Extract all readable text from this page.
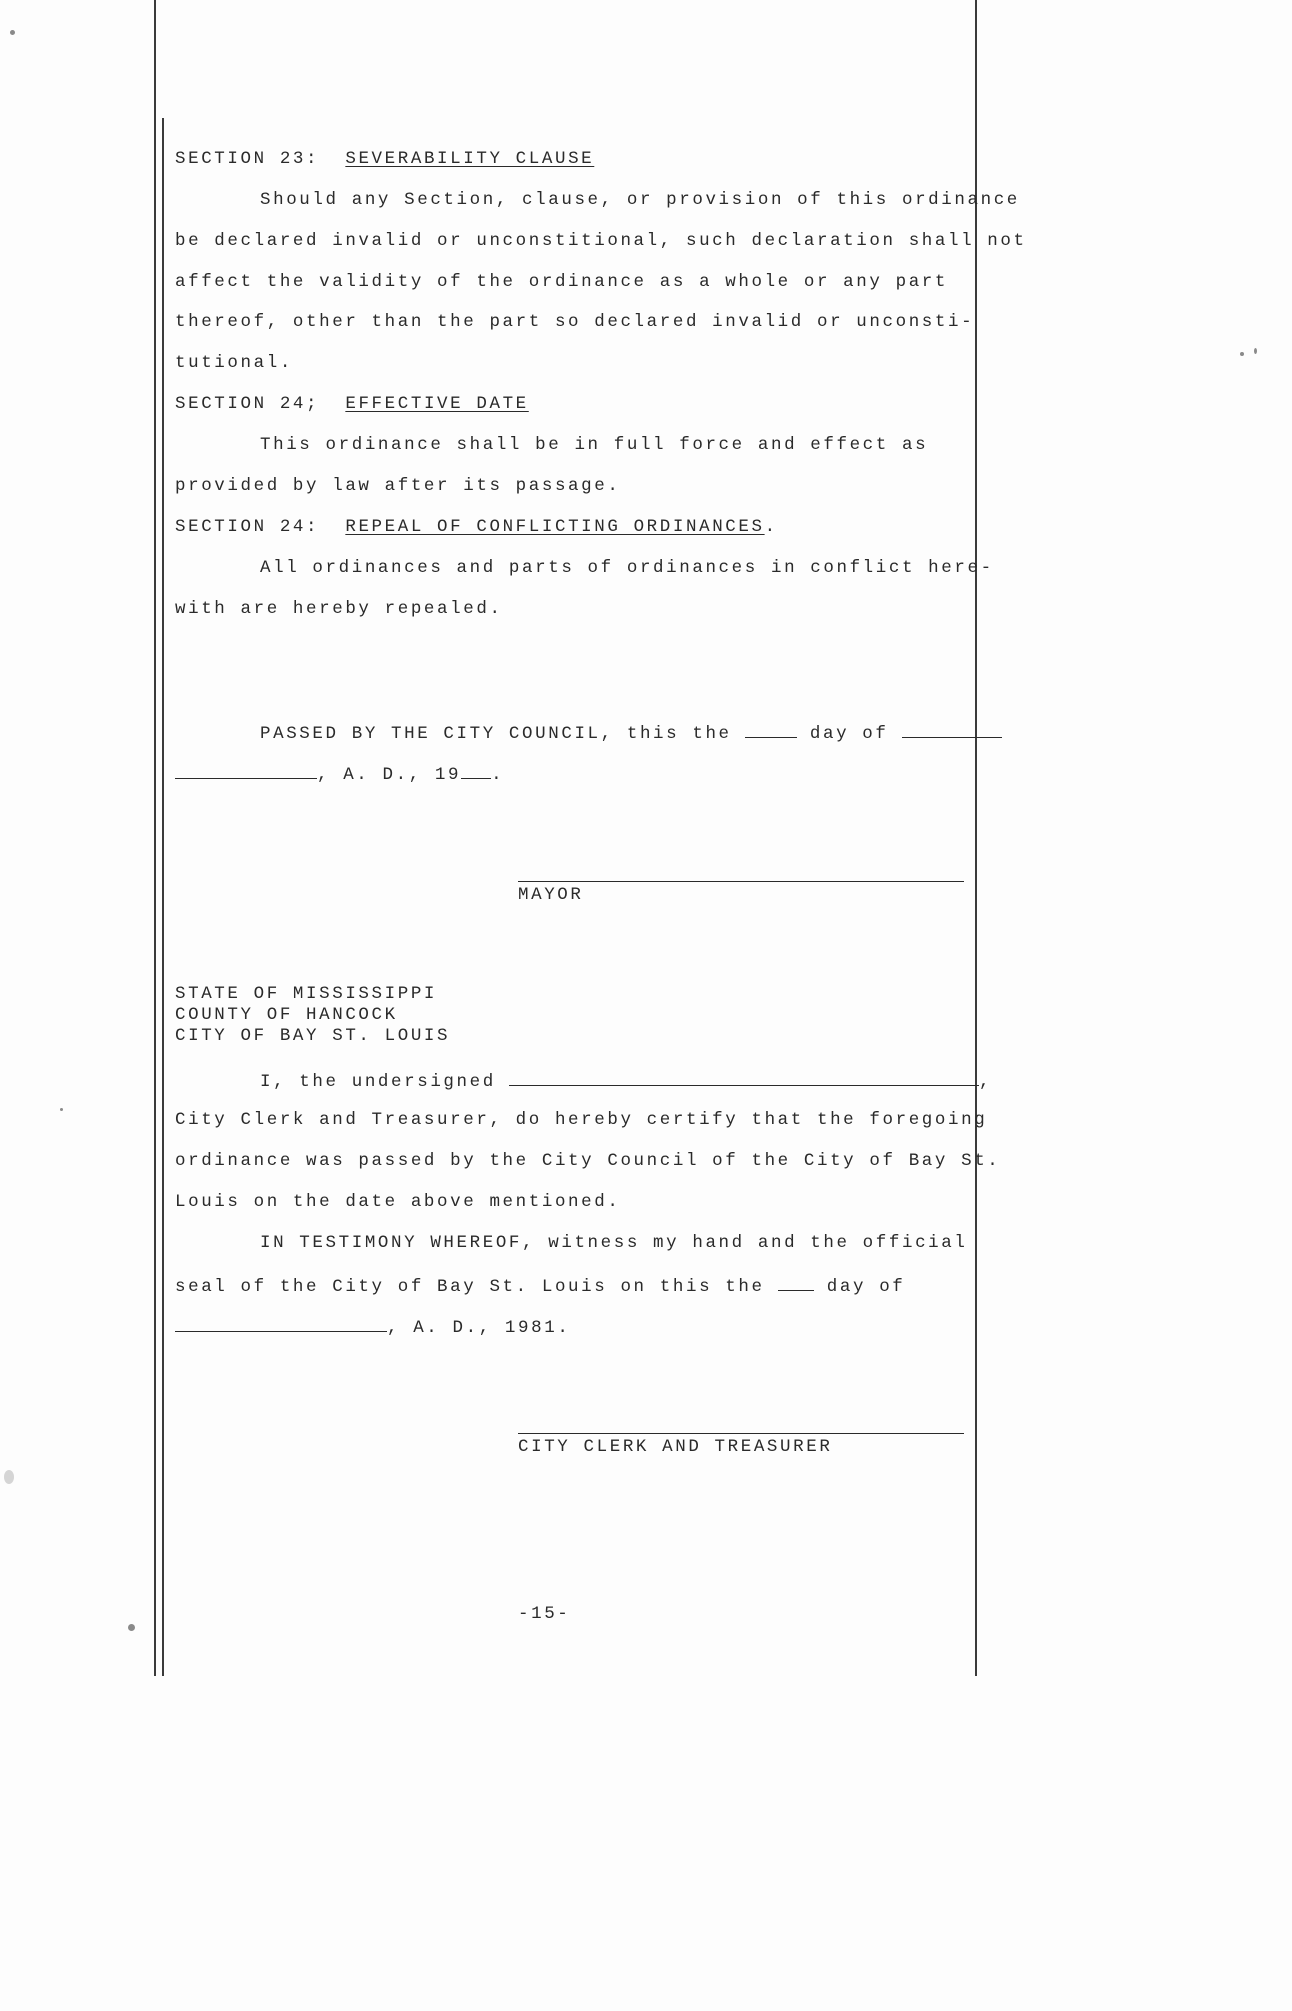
SECTION 23: SEVERABILITY CLAUSE
Should any Section, clause, or provision of this ordinance
be declared invalid or unconstitional, such declaration shall not
affect the validity of the ordinance as a whole or any part
thereof, other than the part so declared invalid or unconsti-
tutional.
SECTION 24; EFFECTIVE DATE
This ordinance shall be in full force and effect as
provided by law after its passage.
SECTION 24: REPEAL OF CONFLICTING ORDINANCES.
All ordinances and parts of ordinances in conflict here-
with are hereby repealed.
PASSED BY THE CITY COUNCIL, this the	day of
, A. D., 19 .
MAYOR
STATE OF MISSISSIPPI
COUNTY OF HANCOCK
CITY OF BAY ST. LOUIS
I, the undersigned	,
City Clerk and Treasurer, do hereby certify that the foregoing
ordinance was passed by the City Council of the City of Bay St.
Louis on the date above mentioned.
IN TESTIMONY WHEREOF, witness my hand and the official
seal of the City of Bay St. Louis on this the	day of
, A. D., 1981.
CITY CLERK AND TREASURER
-15-
